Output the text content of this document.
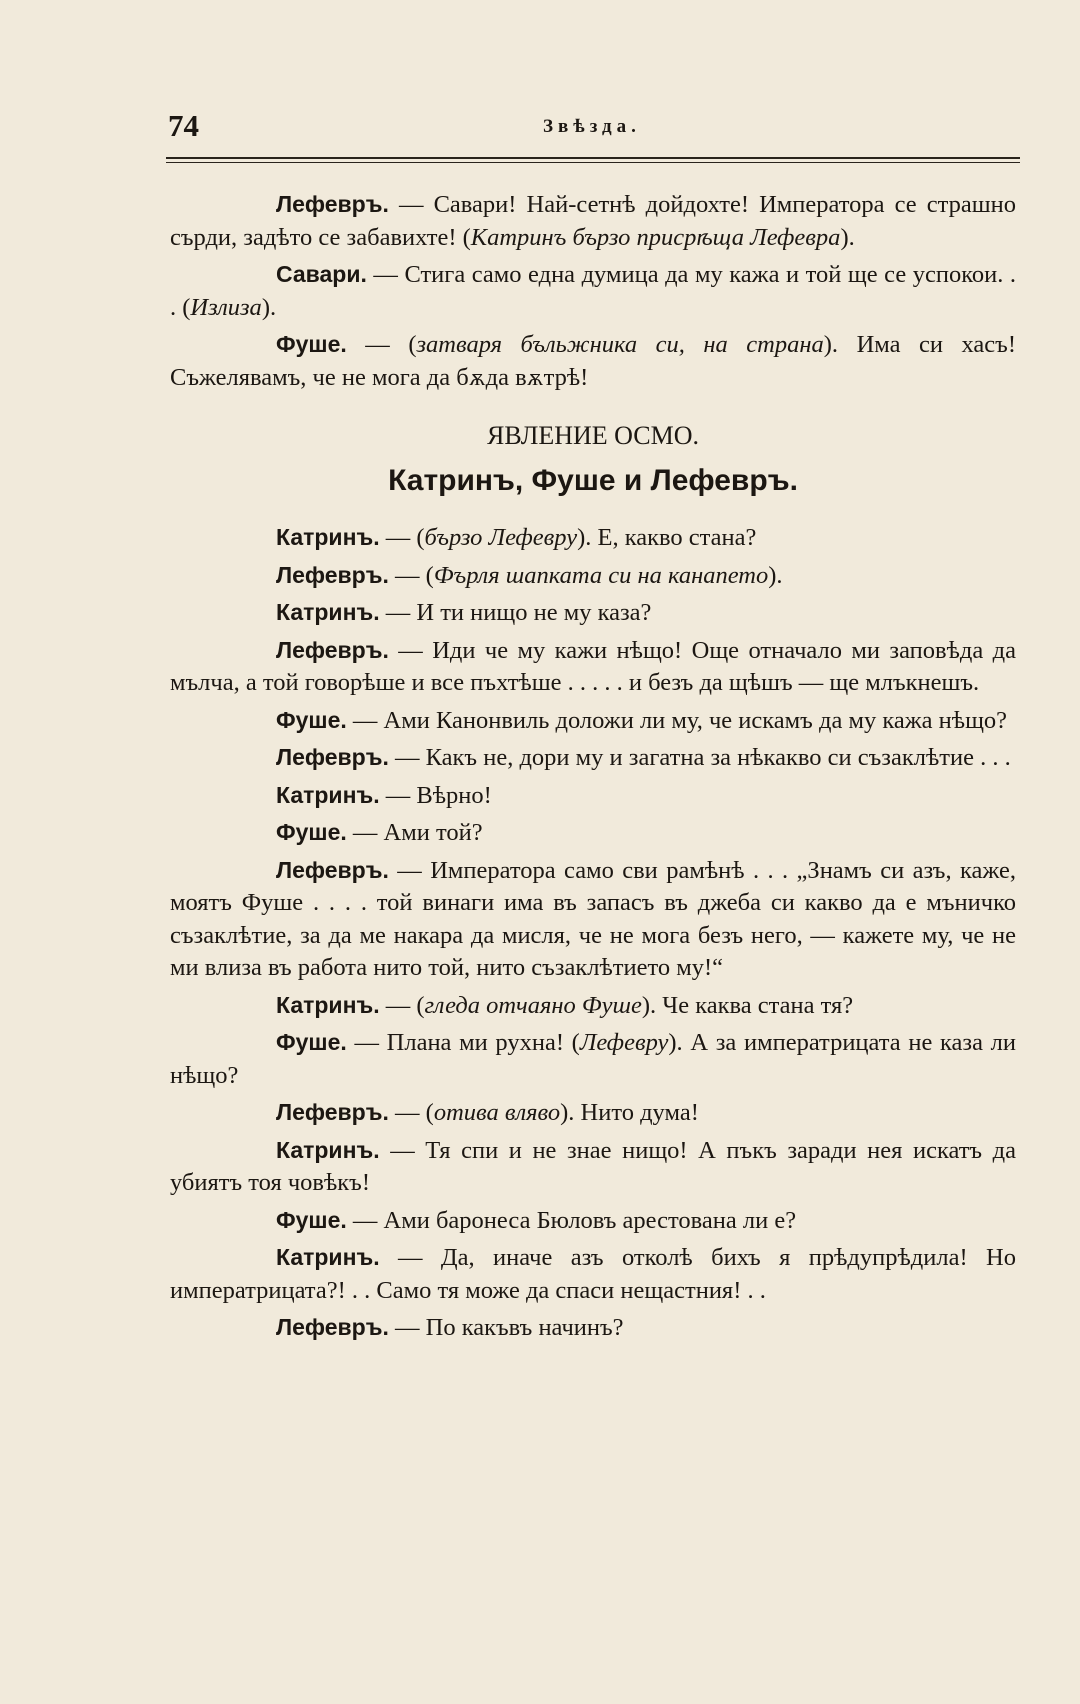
74	Звѣзда.

Лефевръ. — Савари! Най-сетнѣ дойдохте! Императора се страшно сърди, задѣто се забавихте! (Катринъ бързо присрѣща Лефевра).

Савари. — Стига само една думица да му кажа и той ще се успокои. . . (Излиза).

Фуше. — (затваря бъльжника си, на страна). Има си хасъ! Съжелявамъ, че не мога да бѫда вѫтрѣ!

ЯВЛЕНИЕ ОСМО.
Катринъ, Фуше и Лефевръ.

Катринъ. — (бързо Лефевру). Е, какво стана?

Лефевръ. — (Фърля шапката си на канапето).

Катринъ. — И ти нищо не му каза?

Лефевръ. — Иди че му кажи нѣщо! Още отначало ми заповѣда да мълча, а той говорѣше и все пъхтѣше . . . . . и безъ да щѣшъ — ще млъкнешъ.

Фуше. — Ами Канонвиль доложи ли му, че искамъ да му кажа нѣщо?

Лефевръ. — Какъ не, дори му и загатна за нѣкакво си съзаклѣтие . . .

Катринъ. — Вѣрно!

Фуше. — Ами той?

Лефевръ. — Императора само сви рамѣнѣ . . . „Знамъ си азъ, каже, моятъ Фуше . . . . той винаги има въ запасъ въ джеба си какво да е мъничко съзаклѣтие, за да ме накара да мисля, че не мога безъ него, — кажете му, че не ми влиза въ работа нито той, нито съзаклѣтието му!“

Катринъ. — (гледа отчаяно Фуше). Че каква стана тя?

Фуше. — Плана ми рухна! (Лефевру). А за императрицата не каза ли нѣщо?

Лефевръ. — (отива вляво). Нито дума!

Катринъ. — Тя спи и не знае нищо! А пъкъ заради нея искатъ да убиятъ тоя човѣкъ!

Фуше. — Ами баронеса Бюловъ арестована ли е?

Катринъ. — Да, иначе азъ отколѣ бихъ я прѣдупрѣдила! Но императрицата?! . . Само тя може да спаси нещастния! . .

Лефевръ. — По какъвъ начинъ?
